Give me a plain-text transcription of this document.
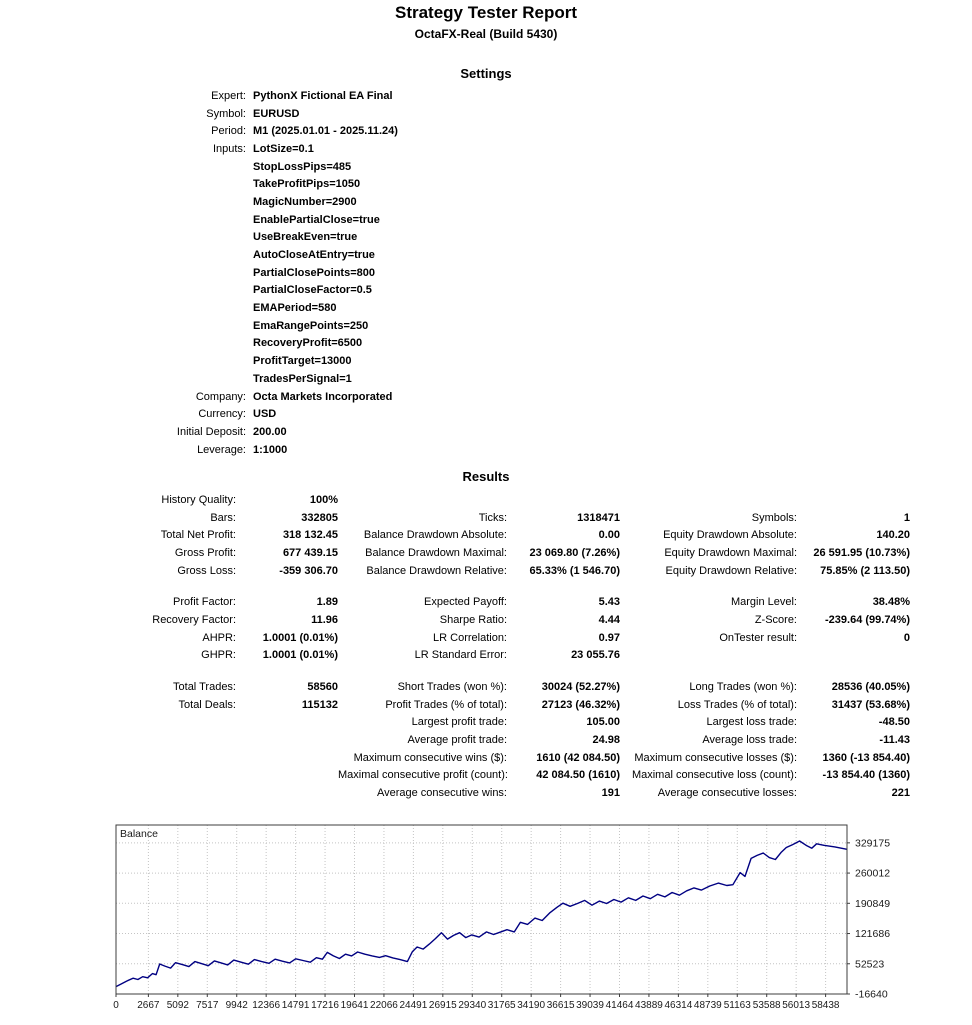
Strategy Tester Report
OctaFX-Real (Build 5430)
Settings
Expert:	PythonX Fictional EA Final	
Symbol:	EURUSD	
Period:	M1 (2025.01.01 - 2025.11.24)	
Inputs:	LotSize=0.1	
	StopLossPips=485	
	TakeProfitPips=1050	
	MagicNumber=2900	
	EnablePartialClose=true	
	UseBreakEven=true	
	AutoCloseAtEntry=true	
	PartialClosePoints=800	
	PartialCloseFactor=0.5	
	EMAPeriod=580	
	EmaRangePoints=250	
	RecoveryProfit=6500	
	ProfitTarget=13000	
	TradesPerSignal=1	
Company:	Octa Markets Incorporated	
Currency:	USD	
Initial Deposit:	200.00	
Leverage:	1:1000	
Results
History Quality:	100%					
Bars:	332805	Ticks:	1318471	Symbols:	1	
Total Net Profit:	318 132.45	Balance Drawdown Absolute:	0.00	Equity Drawdown Absolute:	140.20	
Gross Profit:	677 439.15	Balance Drawdown Maximal:	23 069.80 (7.26%)	Equity Drawdown Maximal:	26 591.95 (10.73%)	
Gross Loss:	-359 306.70	Balance Drawdown Relative:	65.33% (1 546.70)	Equity Drawdown Relative:	75.85% (2 113.50)	

Profit Factor:	1.89	Expected Payoff:	5.43	Margin Level:	38.48%	
Recovery Factor:	11.96	Sharpe Ratio:	4.44	Z-Score:	-239.64 (99.74%)	
AHPR:	1.0001 (0.01%)	LR Correlation:	0.97	OnTester result:	0	
GHPR:	1.0001 (0.01%)	LR Standard Error:	23 055.76			

Total Trades:	58560	Short Trades (won %):	30024 (52.27%)	Long Trades (won %):	28536 (40.05%)	
Total Deals:	115132	Profit Trades (% of total):	27123 (46.32%)	Loss Trades (% of total):	31437 (53.68%)	
		Largest profit trade:	105.00	Largest loss trade:	-48.50	
		Average profit trade:	24.98	Average loss trade:	-11.43	
		Maximum consecutive wins ($):	1610 (42 084.50)	Maximum consecutive losses ($):	1360 (-13 854.40)	
		Maximal consecutive profit (count):	42 084.50 (1610)	Maximal consecutive loss (count):	-13 854.40 (1360)	
		Average consecutive wins:	191	Average consecutive losses:	221	
0 2667 5092 7517 9942 12366 14791 17216 19641 22066 24491 26915 29340 31765 34190 36615 39039 41464 43889 46314 48739 51163 53588 56013 58438
329175
260012
190849
121686
52523
-16640
Balance
